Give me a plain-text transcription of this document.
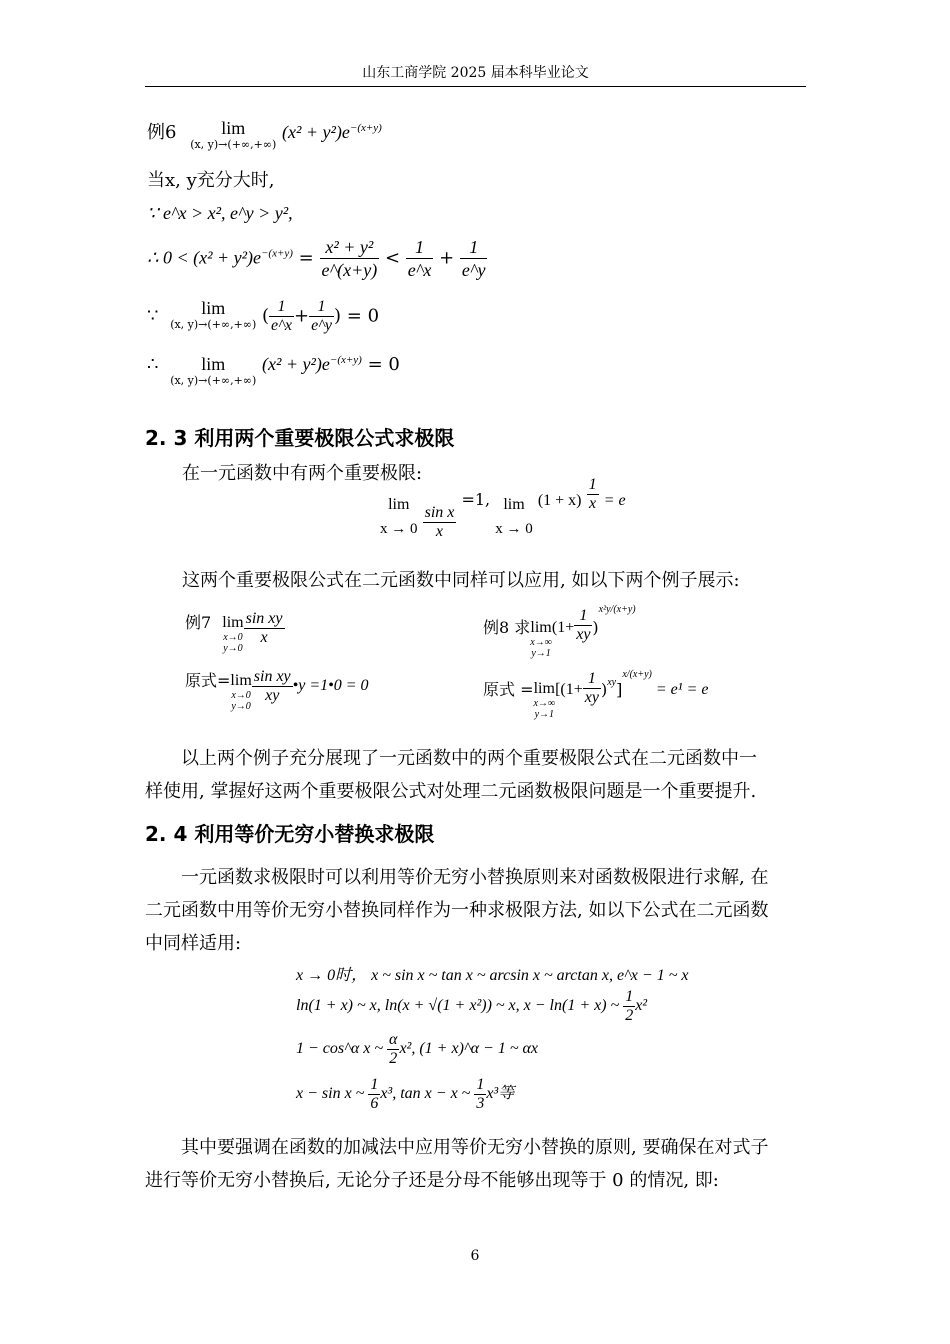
山东工商学院 2025 届本科毕业论文
例6 lim
(x, y)→(+∞,+∞)
$(x^2 + y^2)e^{-(x+y)}$
当x, y充分大时,
∵ e^x > x², e^y > y²,
∴ $0 < (x^2 + y^2)e^{-(x+y)} = \frac{\text{x² + y²}}{e\^{}(x+y)} < \frac{1}{e\^{}x} + \frac{1}{e\^{}y}$
∵ lim
(x, y)→(+∞,+∞) ( $\frac{1}{e\^{}x} + \frac{1}{e\^{}y}$ ) = 0
∴ lim
(x, y)→(+∞,+∞)
$(x^2 + y^2)e^{-(x+y)} = 0$
2. 3 利用两个重要极限公式求极限
在一元函数中有两个重要极限:
lim
x → 0
$\frac{\text{sin x}}{x}$
=1, lim
x → 0
$(1 + x) \frac{1}{x} = e$
这两个重要极限公式在二元函数中同样可以应用, 如以下两个例子展示:
例7 lim
x→0
y→0
$\frac{\text{sin xy}}{x}$
原式=lim
x→0
y→0
$\frac{\text{sin xy}}{xy}$ •y =1•0 = 0
例8 求lim
x→∞
y→1
$(1+ \frac{1}{xy} )^{x^2y/(x+y)}$
原式 =lim
x→∞
y→1
$[(1+ \frac{1}{xy} )^{xy}]^{x/(x+y)}= e^1 = e$
以上两个例子充分展现了一元函数中的两个重要极限公式在二元函数中一
样使用, 掌握好这两个重要极限公式对处理二元函数极限问题是一个重要提升.
2. 4 利用等价无穷小替换求极限
一元函数求极限时可以利用等价无穷小替换原则来对函数极限进行求解, 在
二元函数中用等价无穷小替换同样作为一种求极限方法, 如以下公式在二元函数
中同样适用:
x → 0时， x ~ sin x ~ tan x ~ arcsin x ~ arctan x, e^x − 1 ~ x
ln(1 + x) ~ x, ln(x + √(1 + x²)) ~ x, x − ln(1 + x) ~ $\frac{1}{2} x^2$
1 − cos^α x ~ $\frac{\alpha}{2} x^2$, (1 + x)^α − 1 ~ αx
x − sin x ~ $\frac{1}{6} x^3$, tan x − x ~ $\frac{1}{3} x^3$等
其中要强调在函数的加减法中应用等价无穷小替换的原则, 要确保在对式子
进行等价无穷小替换后, 无论分子还是分母不能够出现等于 0 的情况, 即:
6
